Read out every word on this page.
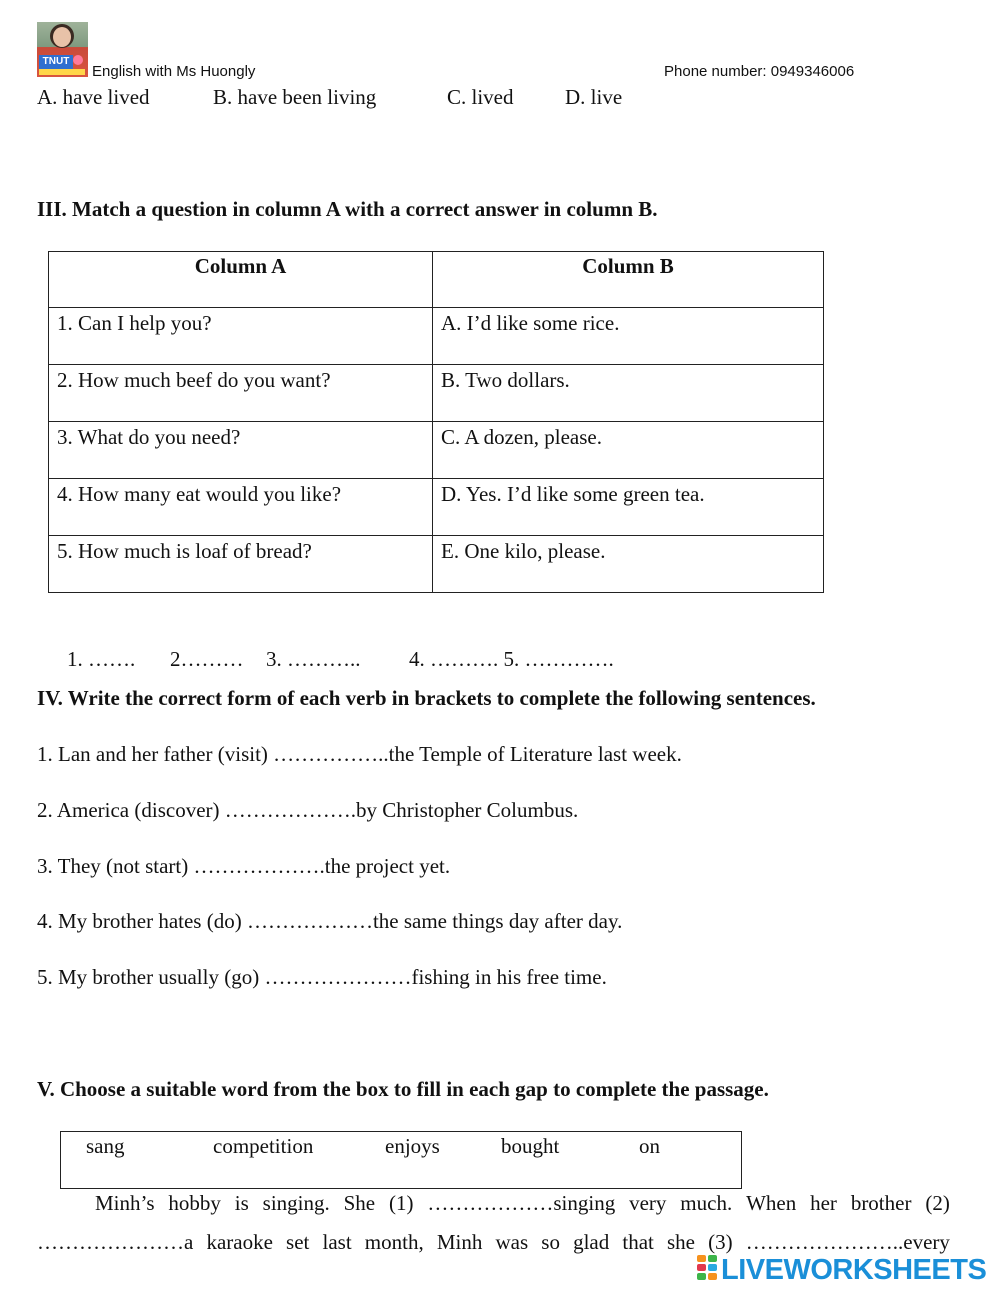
TNUT
English with Ms Huongly	Phone number: 0949346006
A. have lived	B. have been living	C. lived D. live
III. Match a question in column A with a correct answer in column B.
Column A	Column B
1. Can I help you?	A. I’d like some rice.
2. How much beef do you want?	B. Two dollars.
3. What do you need?	C. A dozen, please.
4. How many eat would you like?	D. Yes. I’d like some green tea.
5. How much is loaf of bread?	E. One kilo, please.
1. ……. 2……… 3. ……….. 4. ………. 5. ………….
IV. Write the correct form of each verb in brackets to complete the following sentences.
1. Lan and her father (visit) ……………..the Temple of Literature last week.
2. America (discover) ……………….by Christopher Columbus.
3. They (not start) ……………….the project yet.
4. My brother hates (do) ………………the same things day after day.
5. My brother usually (go) …………………fishing in his free time.
V. Choose a suitable word from the box to fill in each gap to complete the passage.
sang	competition	enjoys	bought	on
Minh’s hobby is singing. She (1) ………………singing very much. When her brother (2)
…………………a karaoke set last month, Minh was so glad that she (3) …………………..every
LIVEWORKSHEETS
